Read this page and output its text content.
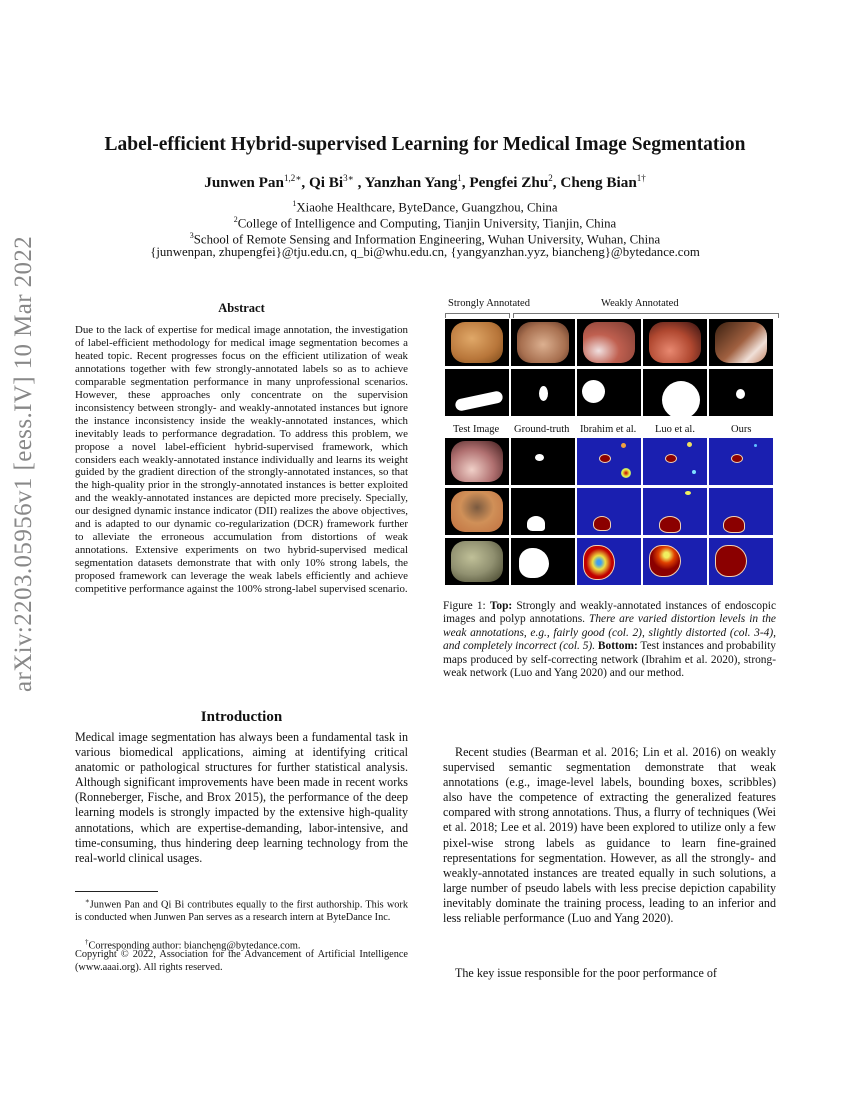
arXiv:2203.05956v1 [eess.IV] 10 Mar 2022
Label-efficient Hybrid-supervised Learning for Medical Image Segmentation
Junwen Pan$^{1,2∗}$, Qi $Bi^{3∗}$ , Yanzhan Yang$^1$, Pengfei Zhu$^2$, Cheng Bian$^{1\dagger}$
$^1$Xiaohe Healthcare, ByteDance, Guangzhou, China
$^2$College of Intelligence and Computing, Tianjin University, Tianjin, China
$^3$School of Remote Sensing and Information Engineering, Wuhan University, Wuhan, China
{junwenpan, zhupengfei}@tju.edu.cn, q_bi@whu.edu.cn, {yangyanzhan.yyz, biancheng}@bytedance.com
Abstract
Due to the lack of expertise for medical image annotation, the investigation of label-efficient methodology for medical image segmentation becomes a heated topic. Recent progresses focus on the efficient utilization of weak annotations together with few strongly-annotated labels so as to achieve comparable segmentation performance in many unprofessional scenarios. However, these approaches only concentrate on the supervision inconsistency between strongly- and weakly-annotated instances but ignore the instance inconsistency inside the weakly-annotated instances, which inevitably leads to performance degradation. To address this problem, we propose a novel label-efficient hybrid-supervised framework, which considers each weakly-annotated instance individually and learns its weight guided by the gradient direction of the strongly-annotated instances, so that the high-quality prior in the strongly-annotated instances is better exploited and the weakly-annotated instances are depicted more precisely. Specially, our designed dynamic instance indicator (DII) realizes the above objectives, and is adapted to our dynamic co-regularization (DCR) framework further to alleviate the erroneous accumulation from distortions of weak annotations. Extensive experiments on two hybrid-supervised medical segmentation datasets demonstrate that with only 10% strong labels, the proposed framework can leverage the weak labels efficiently and achieve competitive performance against the 100% strong-label supervised scenario.
Introduction
Medical image segmentation has always been a fundamental task in various biomedical applications, aiming at identifying critical anatomic or pathological structures for further statistical analysis. Although significant improvements have been made in recent works (Ronneberger, Fische, and Brox 2015), the performance of the deep learning models is strongly impacted by the extensive high-quality annotations, which are expertise-demanding, labor-intensive, and time-consuming, thus hindering deep learning technology from the real-world clinical usages.
∗Junwen Pan and Qi Bi contributes equally to the first authorship. This work is conducted when Junwen Pan serves as a research intern at ByteDance Inc.
†Corresponding author: biancheng@bytedance.com.
Copyright © 2022, Association for the Advancement of Artificial Intelligence (www.aaai.org). All rights reserved.
Strongly Annotated	Weakly Annotated
Test Image Ground-truth Ibrahim et al. Luo et al.	Ours
Figure 1: Top: Strongly and weakly-annotated instances of endoscopic images and polyp annotations. There are varied distortion levels in the weak annotations, e.g., fairly good (col. 2), slightly distorted (col. 3-4), and completely incorrect (col. 5). Bottom: Test instances and probability maps produced by self-correcting network (Ibrahim et al. 2020), strong-weak network (Luo and Yang 2020) and our method.
Recent studies (Bearman et al. 2016; Lin et al. 2016) on weakly supervised semantic segmentation demonstrate that weak annotations (e.g., image-level labels, bounding boxes, scribbles) also have the competence of extracting the generalized features compared with strong annotations. Thus, a flurry of techniques (Wei et al. 2018; Lee et al. 2019) have been explored to utilize only a few pixel-wise strong labels as guidance to learn fine-grained representations for segmentation. However, as all the strongly- and weakly-annotated instances are treated equally in such solutions, a large number of pseudo labels with less precise depiction capability inevitably dominate the training process, leading to an inferior and less reliable performance (Luo and Yang 2020).
The key issue responsible for the poor performance of
